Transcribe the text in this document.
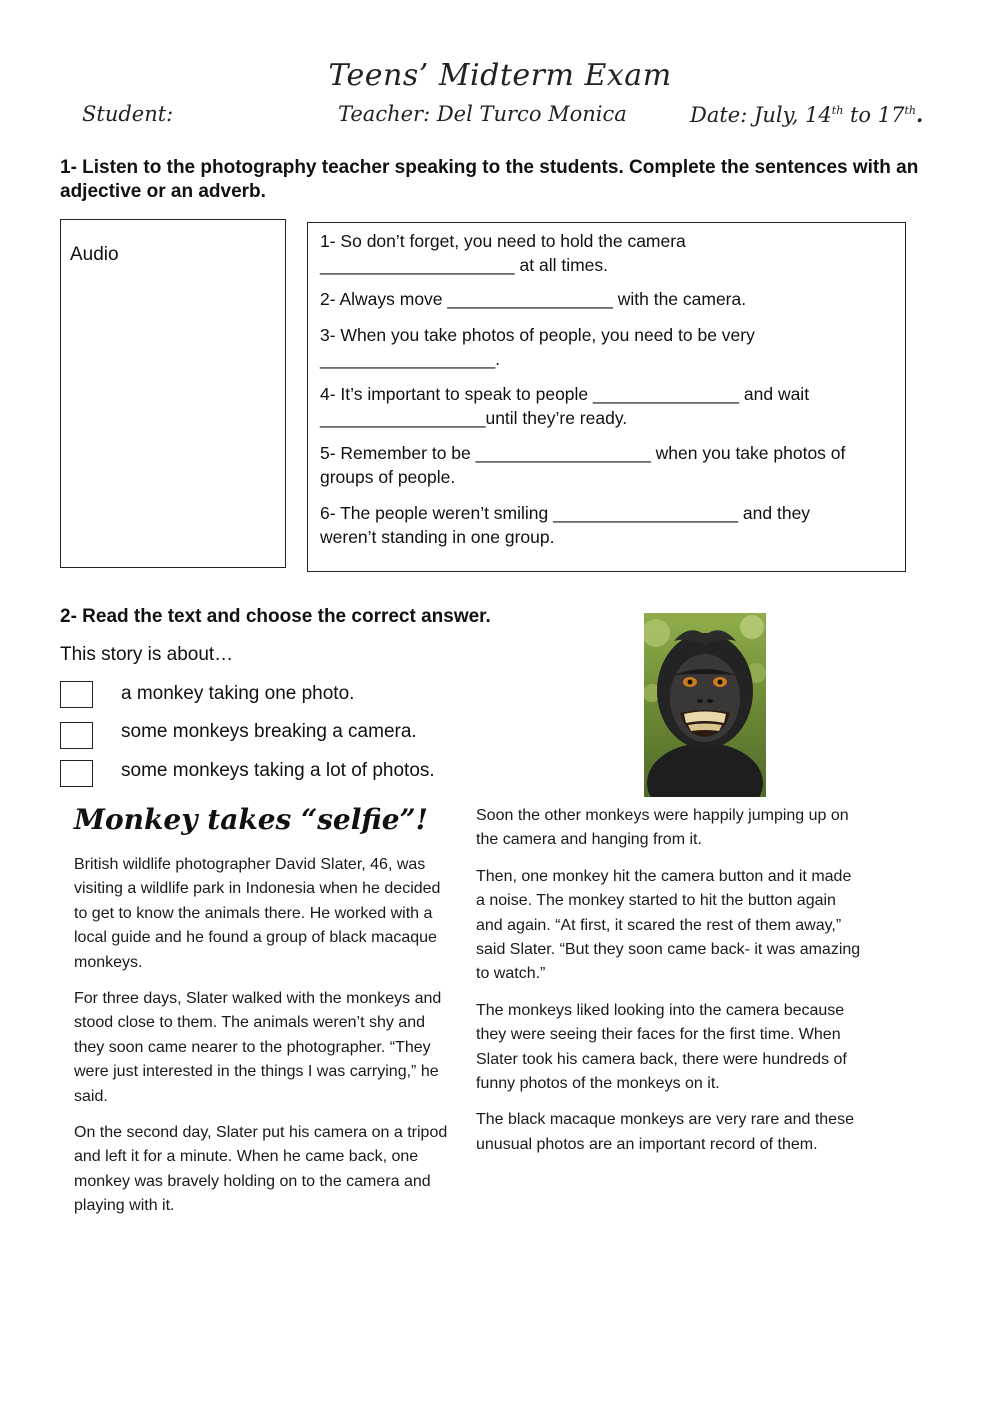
Teens’ Midterm Exam
Student:	Teacher: Del Turco Monica	Date: July, 14th to 17th.
1- Listen to the photography teacher speaking to the students. Complete the sentences with an adjective or an adverb.
Audio
1- So don’t forget, you need to hold the camera
____________________ at all times.
2- Always move _________________ with the camera.
3- When you take photos of people, you need to be very
__________________.
4- It’s important to speak to people _______________ and wait
_________________until they’re ready.
5- Remember to be __________________ when you take photos of
groups of people.
6- The people weren’t smiling ___________________ and they
weren’t standing in one group.
2- Read the text and choose the correct answer.
This story is about…
a monkey taking one photo.
some monkeys breaking a camera.
some monkeys taking a lot of photos.
Monkey takes “selfie”!

British wildlife photographer David Slater, 46, was visiting a wildlife park in Indonesia when he decided to get to know the animals there. He worked with a local guide and he found a group of black macaque monkeys.

For three days, Slater walked with the monkeys and stood close to them. The animals weren’t shy and they soon came nearer to the photographer. “They were just interested in the things I was carrying,” he said.

On the second day, Slater put his camera on a tripod and left it for a minute. When he came back, one monkey was bravely holding on to the camera and playing with it.

Soon the other monkeys were happily jumping up on the camera and hanging from it.

Then, one monkey hit the camera button and it made a noise. The monkey started to hit the button again and again. “At first, it scared the rest of them away,” said Slater. “But they soon came back- it was amazing to watch.”

The monkeys liked looking into the camera because they were seeing their faces for the first time. When Slater took his camera back, there were hundreds of funny photos of the monkeys on it.

The black macaque monkeys are very rare and these unusual photos are an important record of them.
